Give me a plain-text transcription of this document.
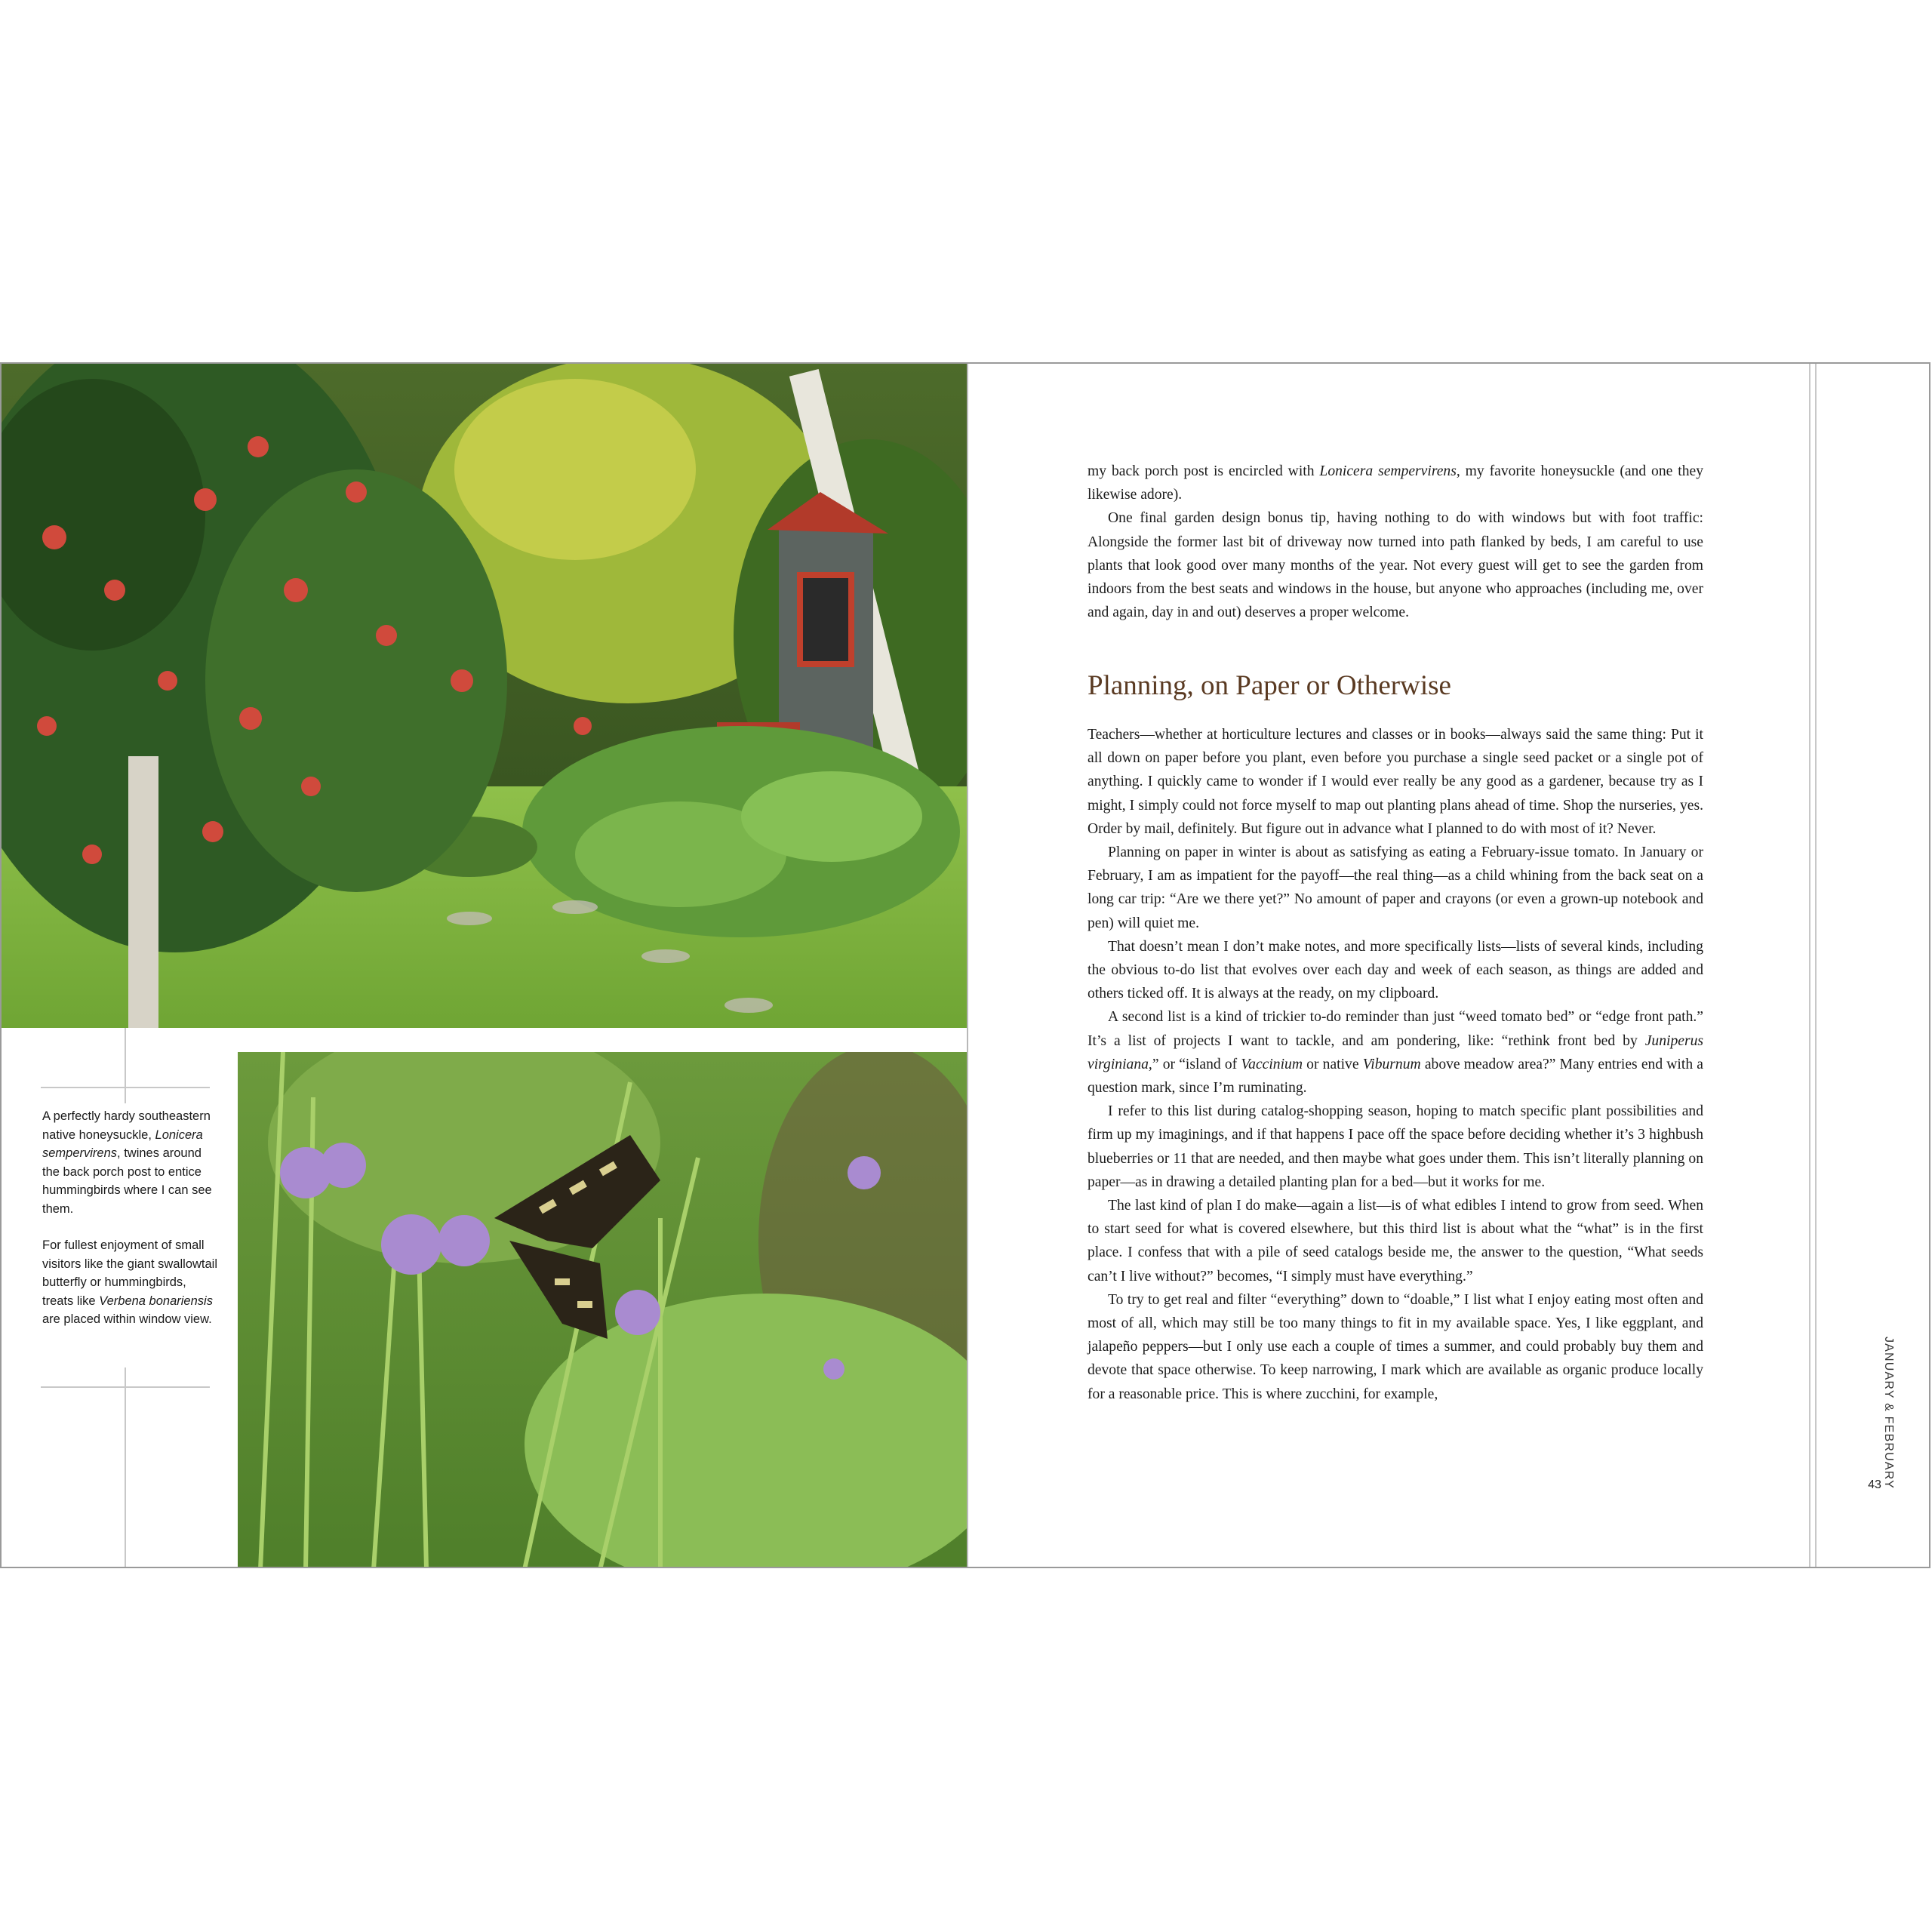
A perfectly hardy southeastern native honeysuckle, Lonicera sempervirens, twines around the back porch post to entice hummingbirds where I can see them.

For fullest enjoyment of small visitors like the giant swallowtail butterfly or hummingbirds, treats like Verbena bonariensis are placed within window view.

my back porch post is encircled with Lonicera sempervirens, my favorite honeysuckle (and one they likewise adore).

One final garden design bonus tip, having nothing to do with windows but with foot traffic: Alongside the former last bit of driveway now turned into path flanked by beds, I am careful to use plants that look good over many months of the year. Not every guest will get to see the garden from indoors from the best seats and windows in the house, but anyone who approaches (including me, over and again, day in and out) deserves a proper welcome.

Planning, on Paper or Otherwise

Teachers—whether at horticulture lectures and classes or in books—always said the same thing: Put it all down on paper before you plant, even before you purchase a single seed packet or a single pot of anything. I quickly came to wonder if I would ever really be any good as a gardener, because try as I might, I simply could not force myself to map out planting plans ahead of time. Shop the nurseries, yes. Order by mail, definitely. But figure out in advance what I planned to do with most of it? Never.

Planning on paper in winter is about as satisfying as eating a February-issue tomato. In January or February, I am as impatient for the payoff—the real thing—as a child whining from the back seat on a long car trip: “Are we there yet?” No amount of paper and crayons (or even a grown-up notebook and pen) will quiet me.

That doesn’t mean I don’t make notes, and more specifically lists—lists of several kinds, including the obvious to-do list that evolves over each day and week of each season, as things are added and others ticked off. It is always at the ready, on my clipboard.

A second list is a kind of trickier to-do reminder than just “weed tomato bed” or “edge front path.” It’s a list of projects I want to tackle, and am pondering, like: “rethink front bed by Juniperus virginiana,” or “island of Vaccinium or native Viburnum above meadow area?” Many entries end with a question mark, since I’m ruminating.

I refer to this list during catalog-shopping season, hoping to match specific plant possibilities and firm up my imaginings, and if that happens I pace off the space before deciding whether it’s 3 highbush blueberries or 11 that are needed, and then maybe what goes under them. This isn’t literally planning on paper—as in drawing a detailed planting plan for a bed—but it works for me.

The last kind of plan I do make—again a list—is of what edibles I intend to grow from seed. When to start seed for what is covered elsewhere, but this third list is about what the “what” is in the first place. I confess that with a pile of seed catalogs beside me, the answer to the question, “What seeds can’t I live without?” becomes, “I simply must have everything.”

To try to get real and filter “everything” down to “doable,” I list what I enjoy eating most often and most of all, which may still be too many things to fit in my available space. Yes, I like eggplant, and jalapeño peppers—but I only use each a couple of times a summer, and could probably buy them and devote that space otherwise. To keep narrowing, I mark which are available as organic produce locally for a reasonable price. This is where zucchini, for example,	JANUARY & FEBRUARY
43
